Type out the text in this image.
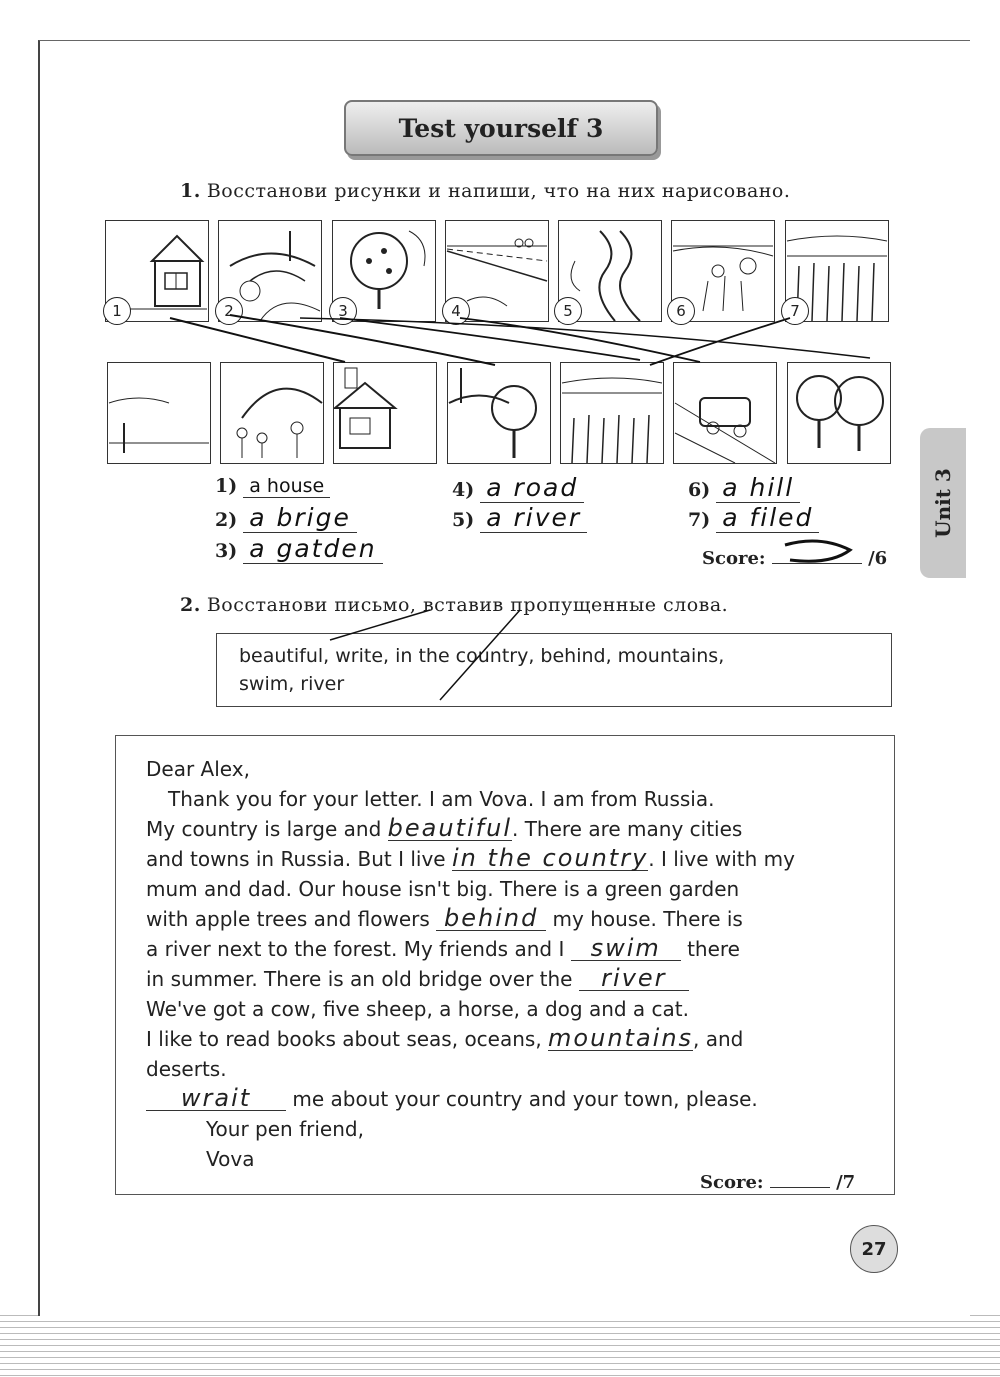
Test yourself 3
1. Восстанови рисунки и напиши, что на них нарисовано.
1	2	3	4	5	6	7
1) a house
2) a brige
3) a gatden
4) a road
5) a river
6) a hill
7) a filed
Score:	/6
2. Восстанови письмо, вставив пропущенные слова.
beautiful, write, in the country, behind, mountains,
swim, river

Dear Alex,

Thank you for your letter. I am Vova. I am from Russia.

My country is large and beautiful. There are many cities

and towns in Russia. But I live in the country. I live with my

mum and dad. Our house isn't big. There is a green garden

with apple trees and flowers behind my house. There is

a river next to the forest. My friends and I swim there

in summer. There is an old bridge over the river

We've got a cow, five sheep, a horse, a dog and a cat.

I like to read books about seas, oceans, mountains, and

deserts.

wrait me about your country and your town, please.

Your pen friend,

Vova

Score:	/7
Unit 3
27
